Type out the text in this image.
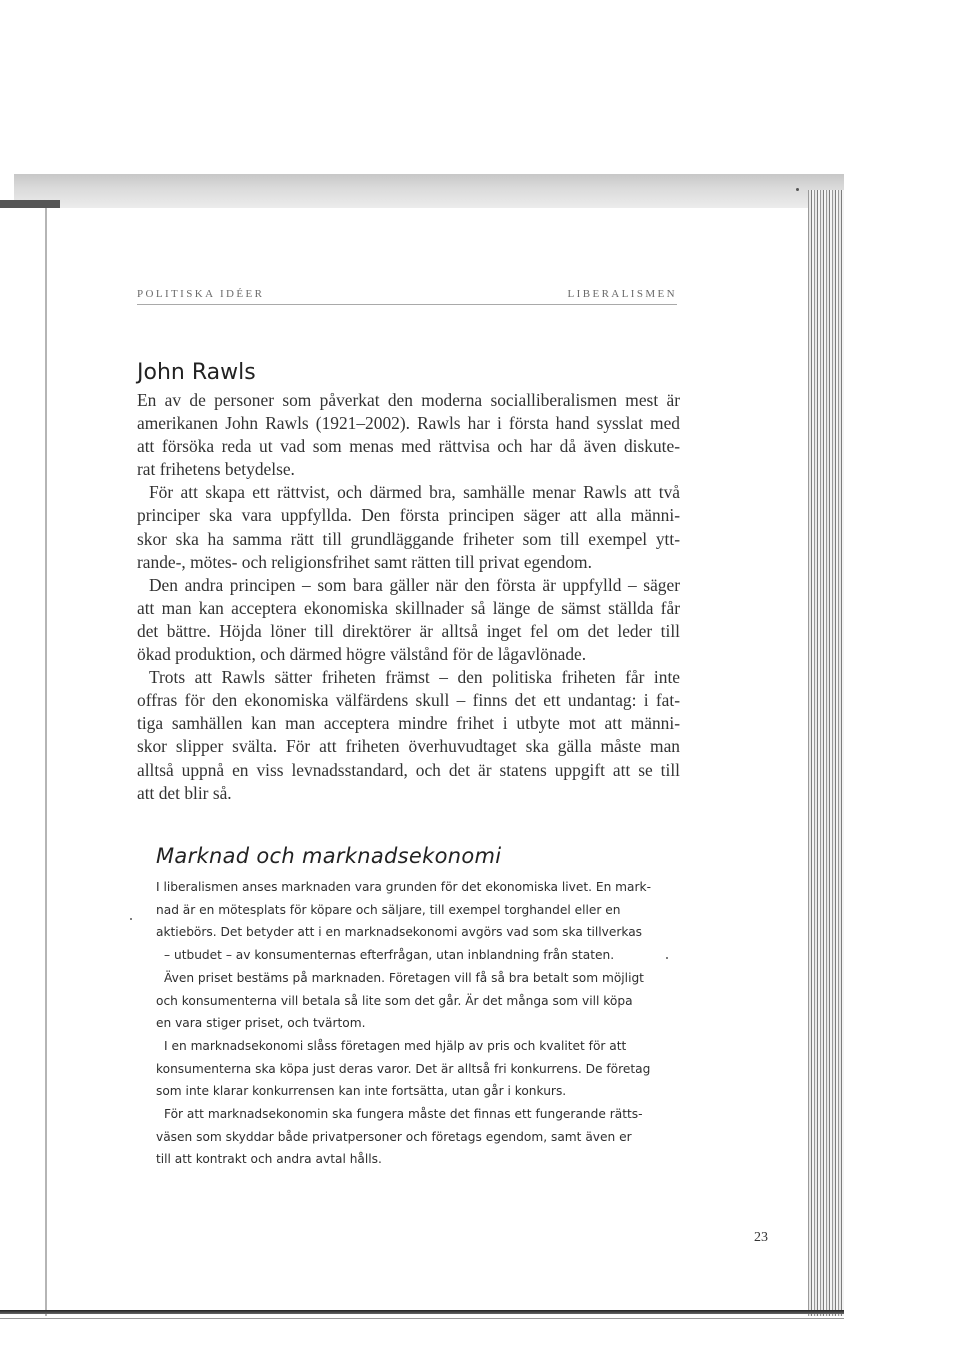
POLITISKA IDÉER	LIBERALISMEN
John Rawls
En av de personer som påverkat den moderna socialliberalismen mest är
amerikanen John Rawls (1921–2002). Rawls har i första hand sysslat med
att försöka reda ut vad som menas med rättvisa och har då även diskute-
rat frihetens betydelse.
För att skapa ett rättvist, och därmed bra, samhälle menar Rawls att två
principer ska vara uppfyllda. Den första principen säger att alla männi-
skor ska ha samma rätt till grundläggande friheter som till exempel ytt-
rande-, mötes- och religionsfrihet samt rätten till privat egendom.
Den andra principen – som bara gäller när den första är uppfylld – säger
att man kan acceptera ekonomiska skillnader så länge de sämst ställda får
det bättre. Höjda löner till direktörer är alltså inget fel om det leder till
ökad produktion, och därmed högre välstånd för de lågavlönade.
Trots att Rawls sätter friheten främst – den politiska friheten får inte
offras för den ekonomiska välfärdens skull – finns det ett undantag: i fat-
tiga samhällen kan man acceptera mindre frihet i utbyte mot att männi-
skor slipper svälta. För att friheten överhuvudtaget ska gälla måste man
alltså uppnå en viss levnadsstandard, och det är statens uppgift att se till
att det blir så.
Marknad och marknadsekonomi
I liberalismen anses marknaden vara grunden för det ekonomiska livet. En mark-
nad är en mötesplats för köpare och säljare, till exempel torghandel eller en
aktiebörs. Det betyder att i en marknadsekonomi avgörs vad som ska tillverkas
– utbudet – av konsumenternas efterfrågan, utan inblandning från staten.
Även priset bestäms på marknaden. Företagen vill få så bra betalt som möjligt
och konsumenterna vill betala så lite som det går. Är det många som vill köpa
en vara stiger priset, och tvärtom.
I en marknadsekonomi slåss företagen med hjälp av pris och kvalitet för att
konsumenterna ska köpa just deras varor. Det är alltså fri konkurrens. De företag
som inte klarar konkurrensen kan inte fortsätta, utan går i konkurs.
För att marknadsekonomin ska fungera måste det finnas ett fungerande rätts-
väsen som skyddar både privatpersoner och företags egendom, samt även er
till att kontrakt och andra avtal hålls.
23
